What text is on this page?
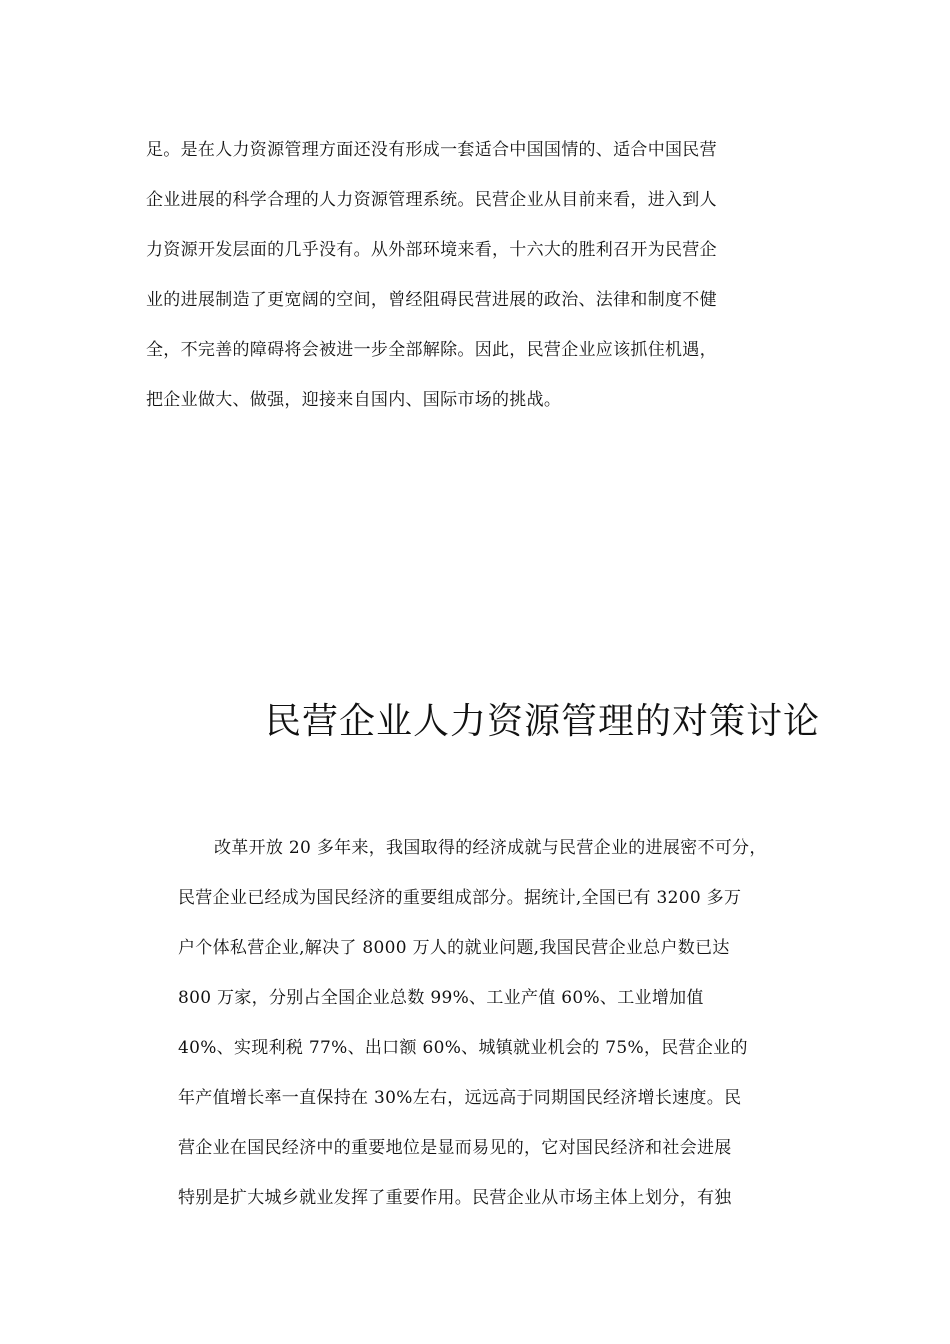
足。是在人力资源管理方面还没有形成一套适合中国国情的、适合中国民营
企业进展的科学合理的人力资源管理系统。民营企业从目前来看，进入到人
力资源开发层面的几乎没有。从外部环境来看，十六大的胜利召开为民营企
业的进展制造了更宽阔的空间，曾经阻碍民营进展的政治、法律和制度不健
全，不完善的障碍将会被进一步全部解除。因此，民营企业应该抓住机遇，
把企业做大、做强，迎接来自国内、国际市场的挑战。
民营企业人力资源管理的对策讨论
改革开放 20 多年来，我国取得的经济成就与民营企业的进展密不可分，
民营企业已经成为国民经济的重要组成部分。据统计,全国已有 3200 多万
户个体私营企业,解决了 8000 万人的就业问题,我国民营企业总户数已达
800 万家，分别占全国企业总数 99%、工业产值 60%、工业增加值
40%、实现利税 77%、出口额 60%、城镇就业机会的 75%，民营企业的
年产值增长率一直保持在 30%左右，远远高于同期国民经济增长速度。民
营企业在国民经济中的重要地位是显而易见的，它对国民经济和社会进展
特别是扩大城乡就业发挥了重要作用。民营企业从市场主体上划分，有独
